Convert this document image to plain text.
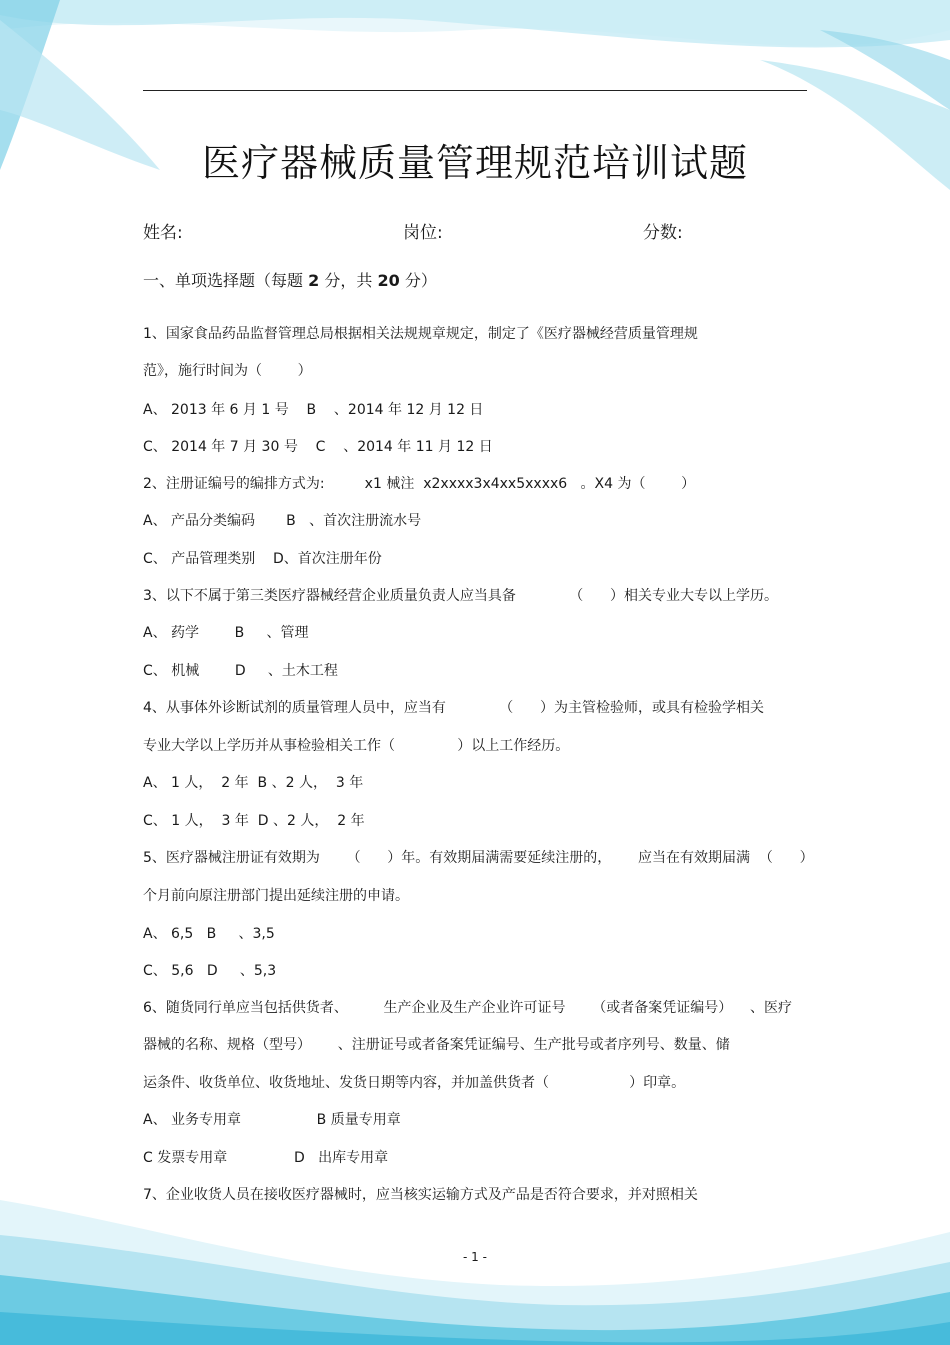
医疗器械质量管理规范培训试题
姓名:	岗位:	分数:
一、单项选择题（每题 2 分，共 20 分）
1、国家食品药品监督管理总局根据相关法规规章规定，制定了《医疗器械经营质量管理规
范》，施行时间为（        ）
A、 2013 年 6 月 1 号    B    、2014 年 12 月 12 日
C、 2014 年 7 月 30 号    C    、2014 年 11 月 12 日
2、注册证编号的编排方式为:         x1 械注  x2xxxx3x4xx5xxxx6   。X4 为（        ）
A、 产品分类编码       B   、首次注册流水号
C、 产品管理类别    D、首次注册年份
3、以下不属于第三类医疗器械经营企业质量负责人应当具备            （      ）相关专业大专以上学历。
A、 药学        B     、管理
C、 机械        D     、土木工程
4、从事体外诊断试剂的质量管理人员中，应当有            （      ）为主管检验师，或具有检验学相关
专业大学以上学历并从事检验相关工作（              ）以上工作经历。
A、 1 人，  2 年  B 、2 人，  3 年
C、 1 人，  3 年  D 、2 人，  2 年
5、医疗器械注册证有效期为      （      ）年。有效期届满需要延续注册的，      应当在有效期届满  （      ）
个月前向原注册部门提出延续注册的申请。
A、 6,5   B     、3,5
C、 5,6   D     、5,3
6、随货同行单应当包括供货者、        生产企业及生产企业许可证号      （或者备案凭证编号）    、医疗
器械的名称、规格（型号）      、注册证号或者备案凭证编号、生产批号或者序列号、数量、储
运条件、收货单位、收货地址、发货日期等内容，并加盖供货者（                  ）印章。
A、 业务专用章                 B 质量专用章
C 发票专用章               D   出库专用章
7、企业收货人员在接收医疗器械时，应当核实运输方式及产品是否符合要求，并对照相关
- 1 -
